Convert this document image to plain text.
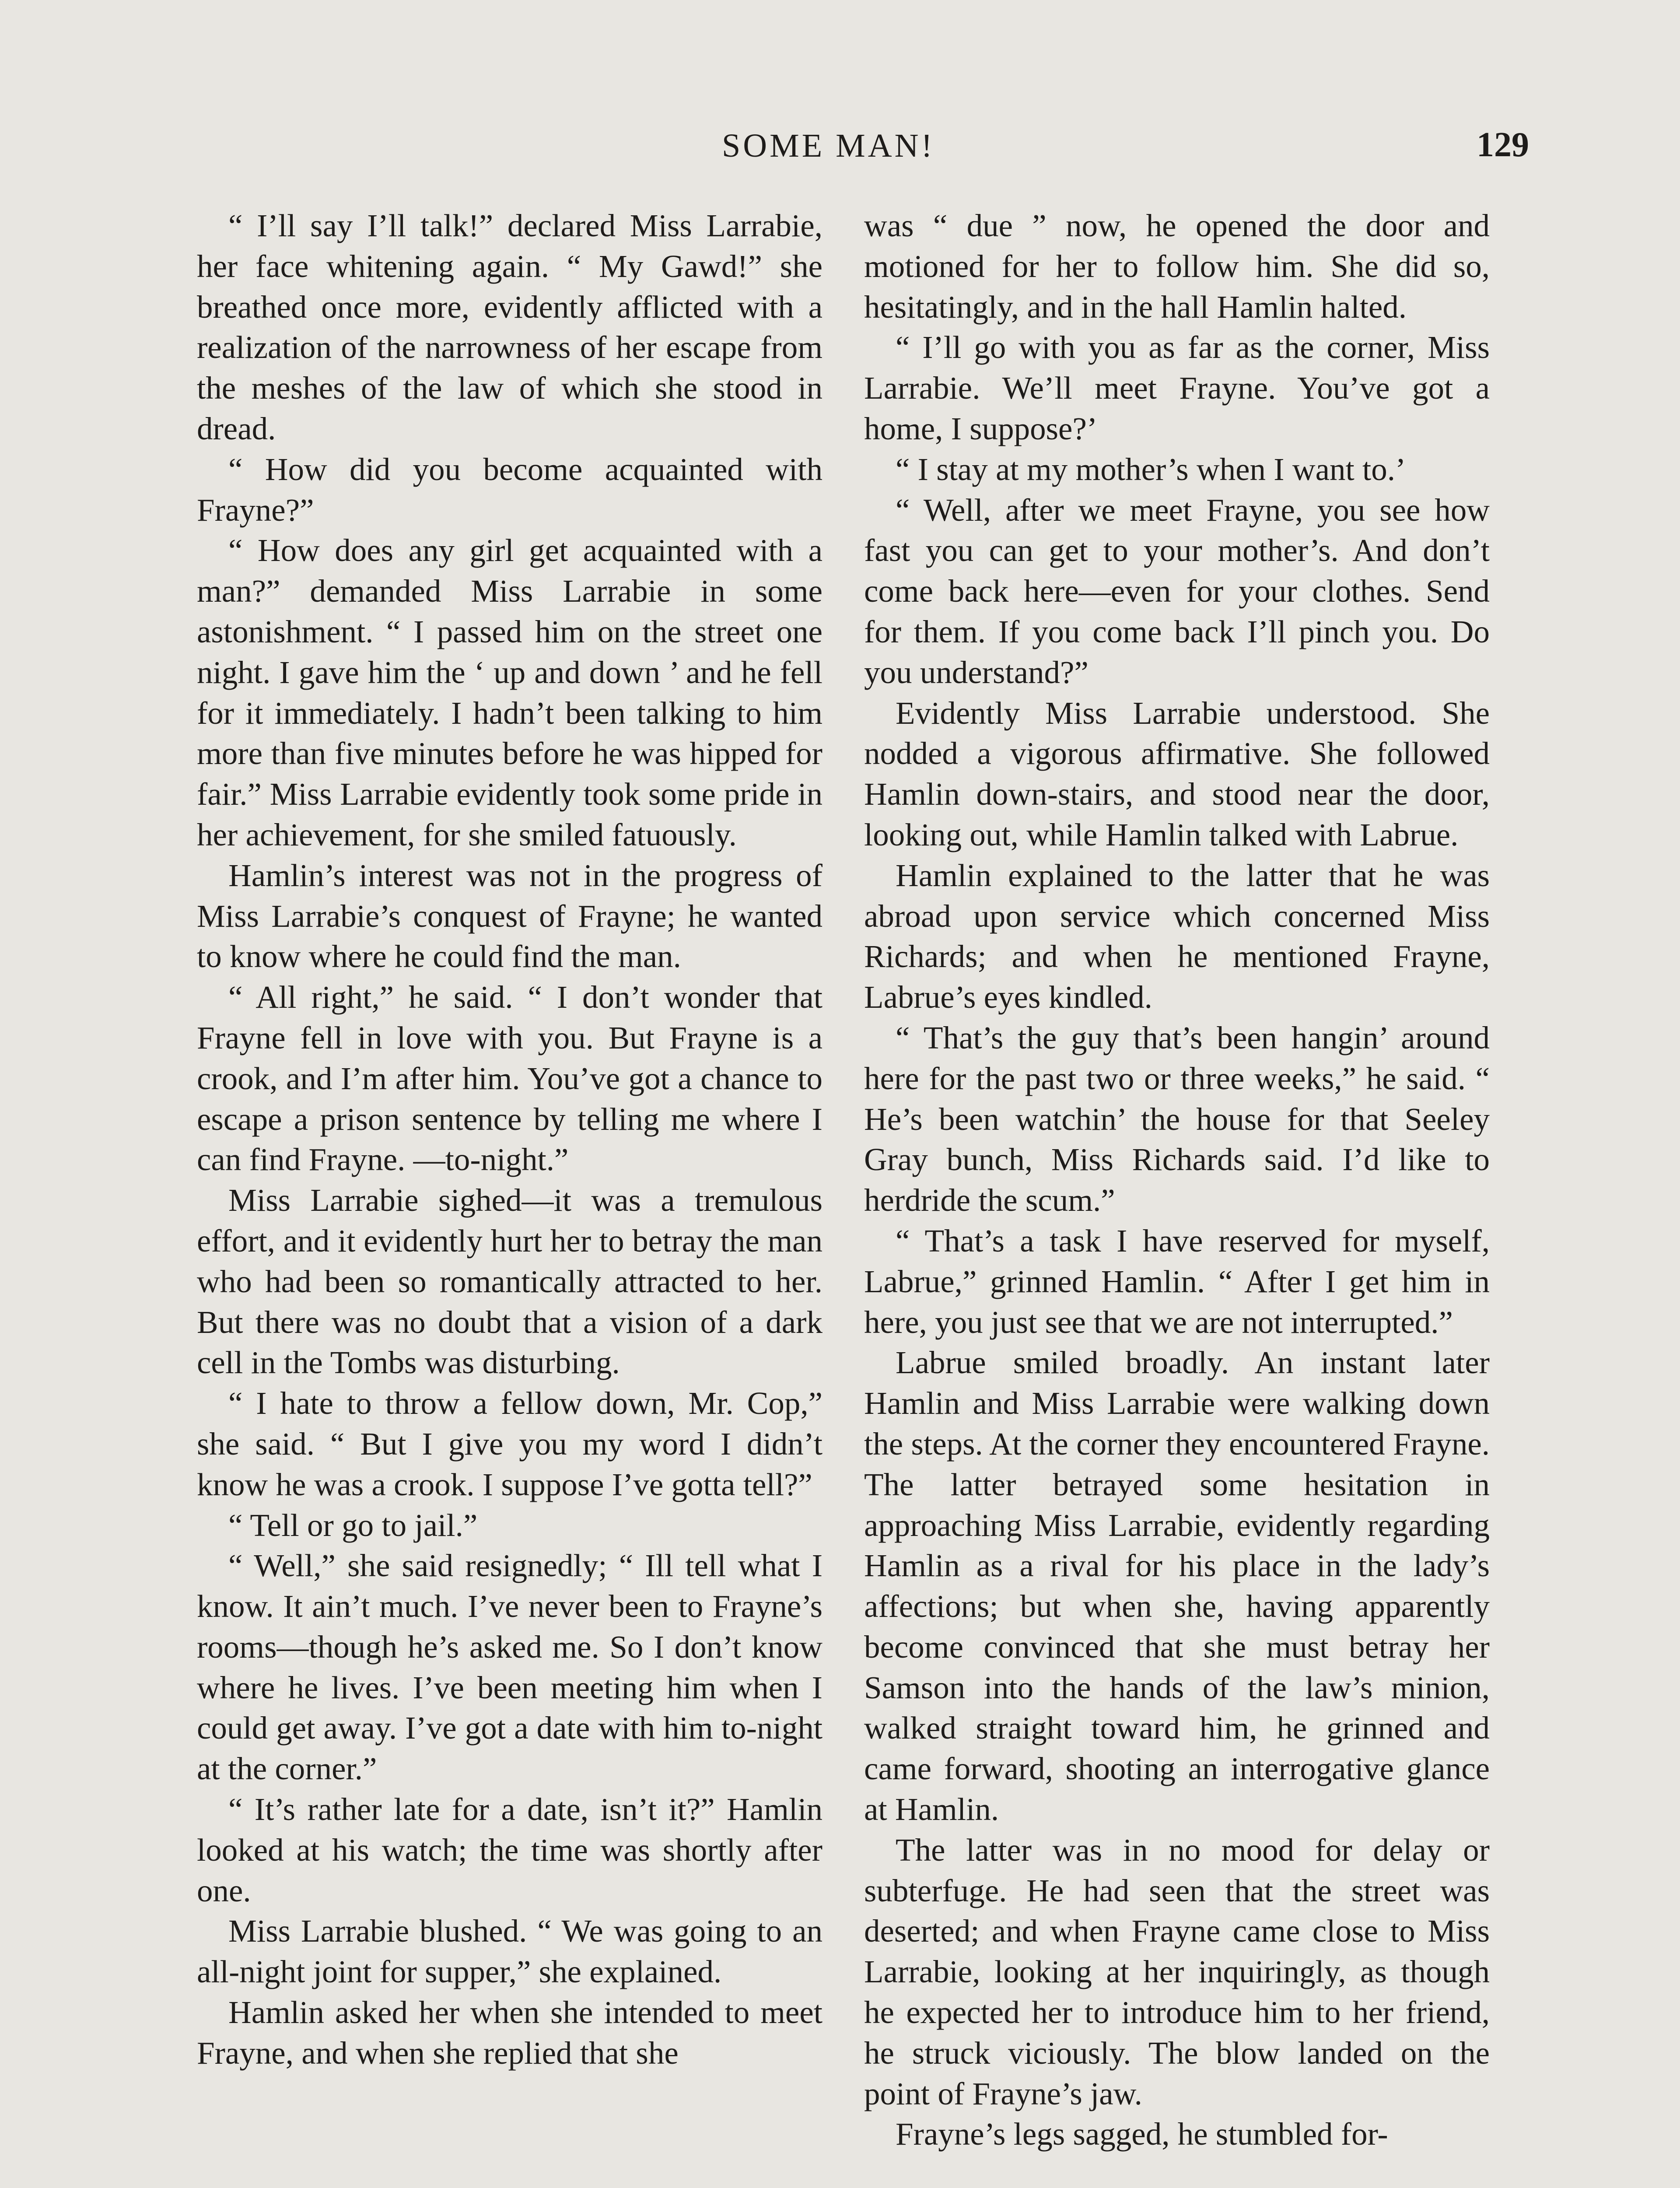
SOME MAN!	129

“ I’ll say I’ll talk!” declared Miss Larrabie, her face whitening again. “ My Gawd!” she breathed once more, evidently afflicted with a realization of the narrowness of her escape from the meshes of the law of which she stood in dread.

“ How did you become acquainted with Frayne?”

“ How does any girl get acquainted with a man?” demanded Miss Larrabie in some astonishment. “ I passed him on the street one night. I gave him the ‘ up and down ’ and he fell for it immediately. I hadn’t been talking to him more than five minutes before he was hipped for fair.” Miss Larrabie evidently took some pride in her achievement, for she smiled fatuously.

Hamlin’s interest was not in the progress of Miss Larrabie’s conquest of Frayne; he wanted to know where he could find the man.

“ All right,” he said. “ I don’t wonder that Frayne fell in love with you. But Frayne is a crook, and I’m after him. You’ve got a chance to escape a prison sentence by telling me where I can find Frayne. —to-night.”

Miss Larrabie sighed—it was a tremulous effort, and it evidently hurt her to betray the man who had been so romantically attracted to her. But there was no doubt that a vision of a dark cell in the Tombs was disturbing.

“ I hate to throw a fellow down, Mr. Cop,” she said. “ But I give you my word I didn’t know he was a crook. I suppose I’ve gotta tell?”

“ Tell or go to jail.”

“ Well,” she said resignedly; “ Ill tell what I know. It ain’t much. I’ve never been to Frayne’s rooms—though he’s asked me. So I don’t know where he lives. I’ve been meeting him when I could get away. I’ve got a date with him to-night at the corner.”

“ It’s rather late for a date, isn’t it?” Hamlin looked at his watch; the time was shortly after one.

Miss Larrabie blushed. “ We was going to an all-night joint for supper,” she explained.

Hamlin asked her when she intended to meet Frayne, and when she replied that she

was “ due ” now, he opened the door and motioned for her to follow him. She did so, hesitatingly, and in the hall Hamlin halted.

“ I’ll go with you as far as the corner, Miss Larrabie. We’ll meet Frayne. You’ve got a home, I suppose?’

“ I stay at my mother’s when I want to.’

“ Well, after we meet Frayne, you see how fast you can get to your mother’s. And don’t come back here—even for your clothes. Send for them. If you come back I’ll pinch you. Do you understand?”

Evidently Miss Larrabie understood. She nodded a vigorous affirmative. She followed Hamlin down-stairs, and stood near the door, looking out, while Hamlin talked with Labrue.

Hamlin explained to the latter that he was abroad upon service which concerned Miss Richards; and when he mentioned Frayne, Labrue’s eyes kindled.

“ That’s the guy that’s been hangin’ around here for the past two or three weeks,” he said. “ He’s been watchin’ the house for that Seeley Gray bunch, Miss Richards said. I’d like to herdride the scum.”

“ That’s a task I have reserved for myself, Labrue,” grinned Hamlin. “ After I get him in here, you just see that we are not interrupted.”

Labrue smiled broadly. An instant later Hamlin and Miss Larrabie were walking down the steps. At the corner they encountered Frayne. The latter betrayed some hesitation in approaching Miss Larrabie, evidently regarding Hamlin as a rival for his place in the lady’s affections; but when she, having apparently become convinced that she must betray her Samson into the hands of the law’s minion, walked straight toward him, he grinned and came forward, shooting an interrogative glance at Hamlin.

The latter was in no mood for delay or subterfuge. He had seen that the street was deserted; and when Frayne came close to Miss Larrabie, looking at her inquiringly, as though he expected her to introduce him to her friend, he struck viciously. The blow landed on the point of Frayne’s jaw.

Frayne’s legs sagged, he stumbled for-
